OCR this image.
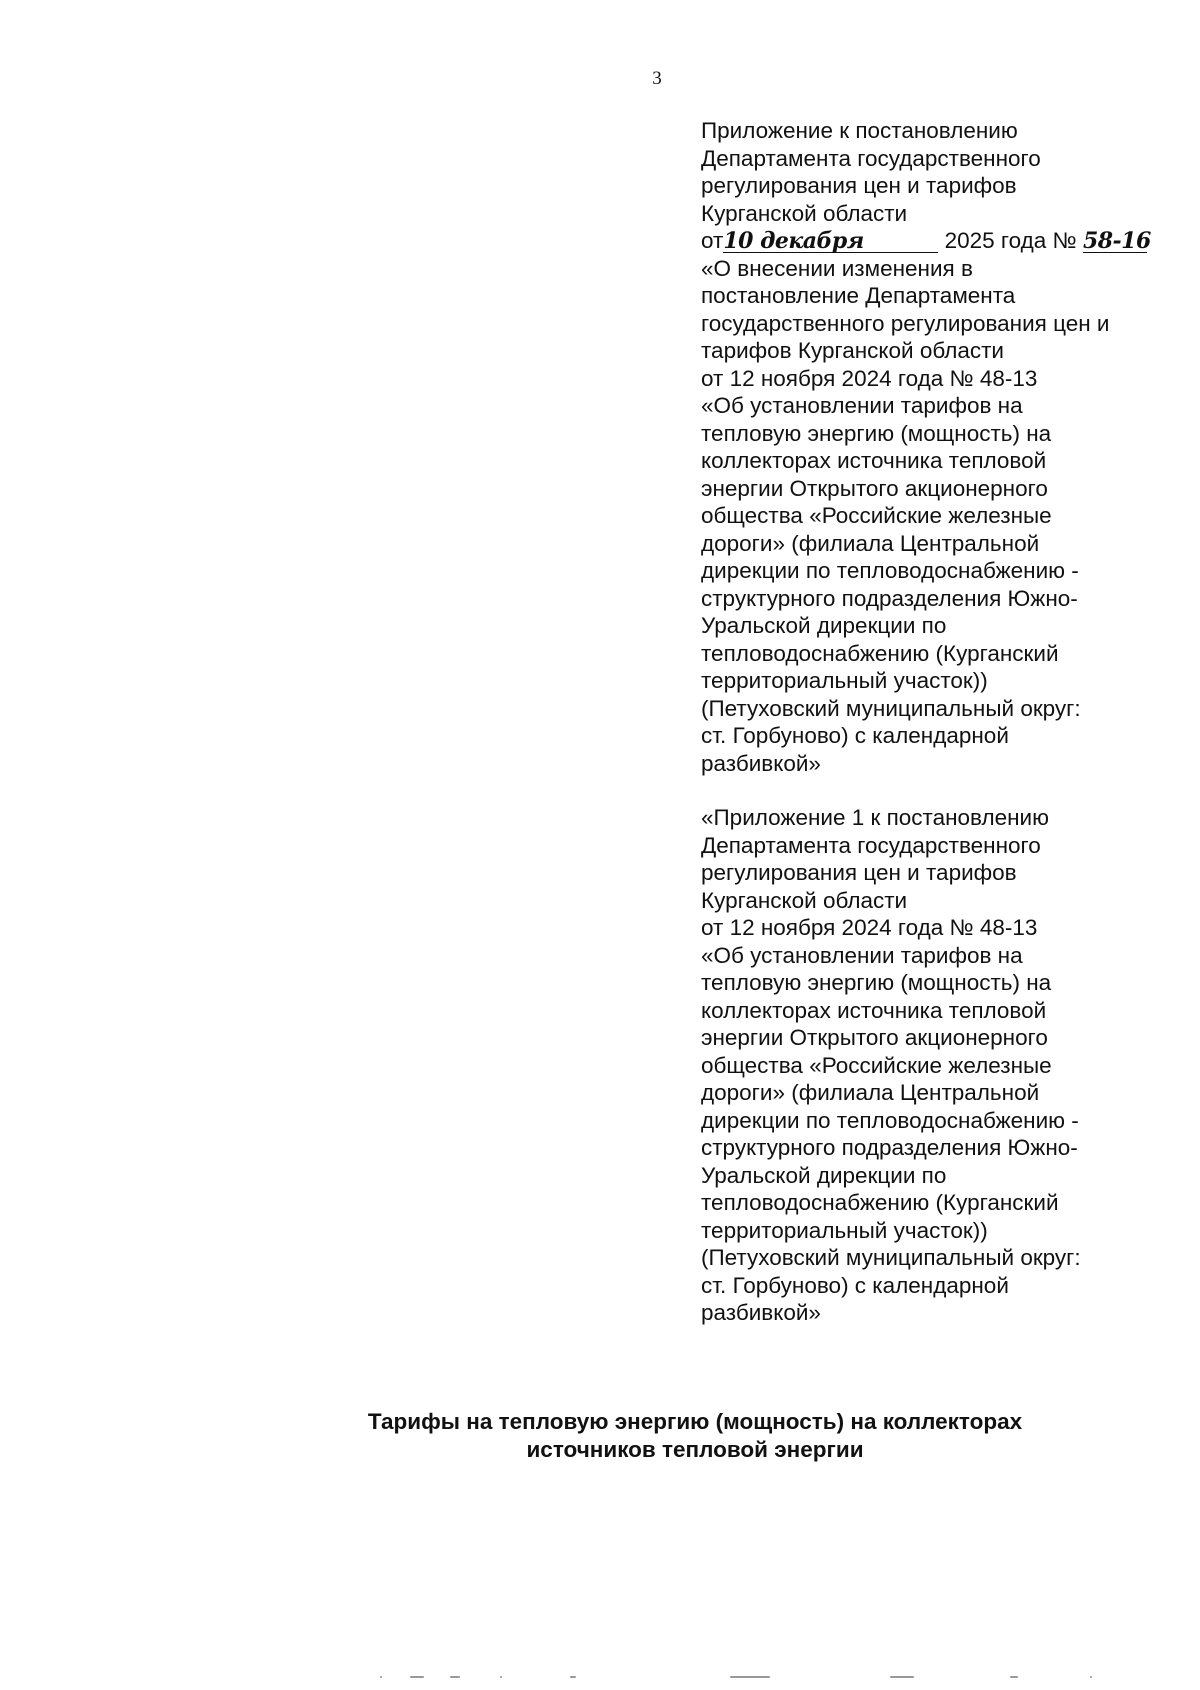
3

Приложение к постановлению

Департамента государственного

регулирования цен и тарифов

Курганской области

от10 декабря	2025 года № 58-16

«О внесении изменения в

постановление Департамента

государственного регулирования цен и

тарифов Курганской области

от 12 ноября 2024 года № 48-13

«Об установлении тарифов на

тепловую энергию (мощность) на

коллекторах источника тепловой

энергии Открытого акционерного

общества «Российские железные

дороги» (филиала Центральной

дирекции по тепловодоснабжению -

структурного подразделения Южно-

Уральской дирекции по

тепловодоснабжению (Курганский

территориальный участок))

(Петуховский муниципальный округ:

ст. Горбуново) с календарной

разбивкой»

«Приложение 1 к постановлению

Департамента государственного

регулирования цен и тарифов

Курганской области

от 12 ноября 2024 года № 48-13

«Об установлении тарифов на

тепловую энергию (мощность) на

коллекторах источника тепловой

энергии Открытого акционерного

общества «Российские железные

дороги» (филиала Центральной

дирекции по тепловодоснабжению -

структурного подразделения Южно-

Уральской дирекции по

тепловодоснабжению (Курганский

территориальный участок))

(Петуховский муниципальный округ:

ст. Горбуново) с календарной

разбивкой»

Тарифы на тепловую энергию (мощность) на коллекторах

источников тепловой энергии
